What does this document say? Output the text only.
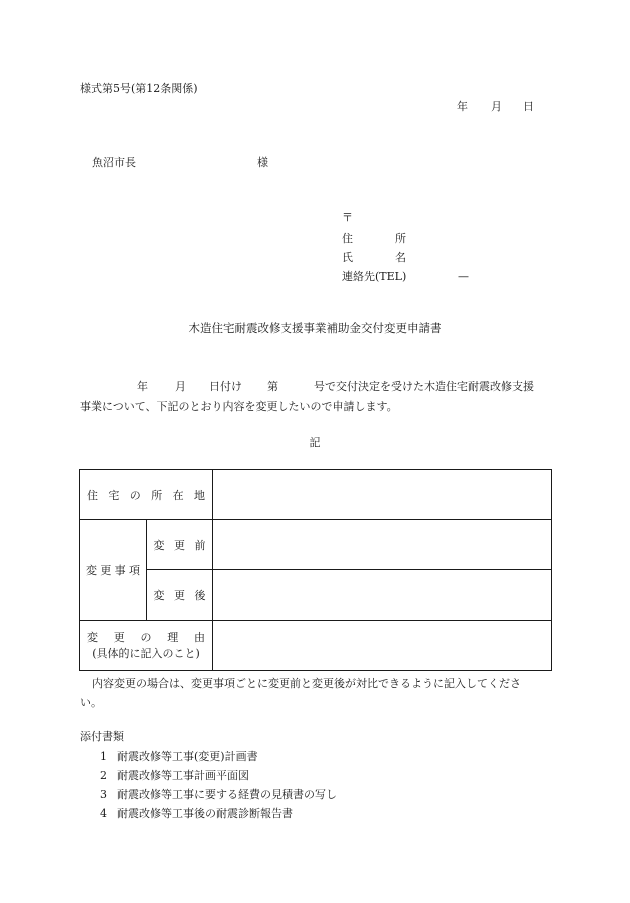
様式第5号(第12条関係)
年 月 日
魚沼市長	様
〒
住	所
氏	名
連絡先(TEL)	—
木造住宅耐震改修支援事業補助金交付変更申請書
年 月 日付け 第	号で交付決定を受けた木造住宅耐震改修支援
事業について、下記のとおり内容を変更したいので申請します。
記
住宅の所在地		
変更事項	変更前	
	変更後	
変更の理由
(具体的に記入のこと)		
内容変更の場合は、変更事項ごとに変更前と変更後が対比できるように記入してくださ
い。
添付書類
1 耐震改修等工事(変更)計画書
2 耐震改修等工事計画平面図
3 耐震改修等工事に要する経費の見積書の写し
4 耐震改修等工事後の耐震診断報告書
